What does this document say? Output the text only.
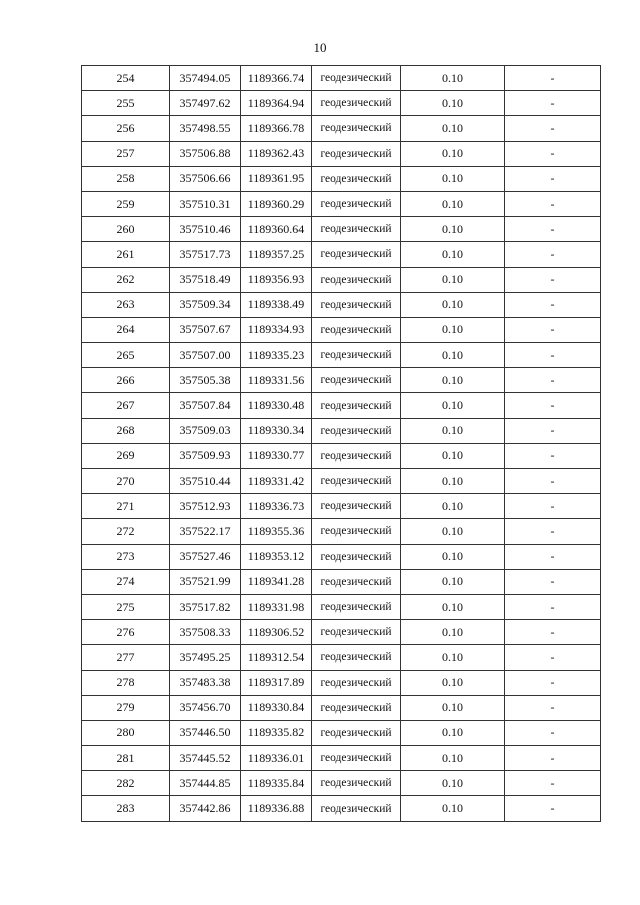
10
254	357494.05	1189366.74	геодезический	0.10	-
255	357497.62	1189364.94	геодезический	0.10	-
256	357498.55	1189366.78	геодезический	0.10	-
257	357506.88	1189362.43	геодезический	0.10	-
258	357506.66	1189361.95	геодезический	0.10	-
259	357510.31	1189360.29	геодезический	0.10	-
260	357510.46	1189360.64	геодезический	0.10	-
261	357517.73	1189357.25	геодезический	0.10	-
262	357518.49	1189356.93	геодезический	0.10	-
263	357509.34	1189338.49	геодезический	0.10	-
264	357507.67	1189334.93	геодезический	0.10	-
265	357507.00	1189335.23	геодезический	0.10	-
266	357505.38	1189331.56	геодезический	0.10	-
267	357507.84	1189330.48	геодезический	0.10	-
268	357509.03	1189330.34	геодезический	0.10	-
269	357509.93	1189330.77	геодезический	0.10	-
270	357510.44	1189331.42	геодезический	0.10	-
271	357512.93	1189336.73	геодезический	0.10	-
272	357522.17	1189355.36	геодезический	0.10	-
273	357527.46	1189353.12	геодезический	0.10	-
274	357521.99	1189341.28	геодезический	0.10	-
275	357517.82	1189331.98	геодезический	0.10	-
276	357508.33	1189306.52	геодезический	0.10	-
277	357495.25	1189312.54	геодезический	0.10	-
278	357483.38	1189317.89	геодезический	0.10	-
279	357456.70	1189330.84	геодезический	0.10	-
280	357446.50	1189335.82	геодезический	0.10	-
281	357445.52	1189336.01	геодезический	0.10	-
282	357444.85	1189335.84	геодезический	0.10	-
283	357442.86	1189336.88	геодезический	0.10	-
